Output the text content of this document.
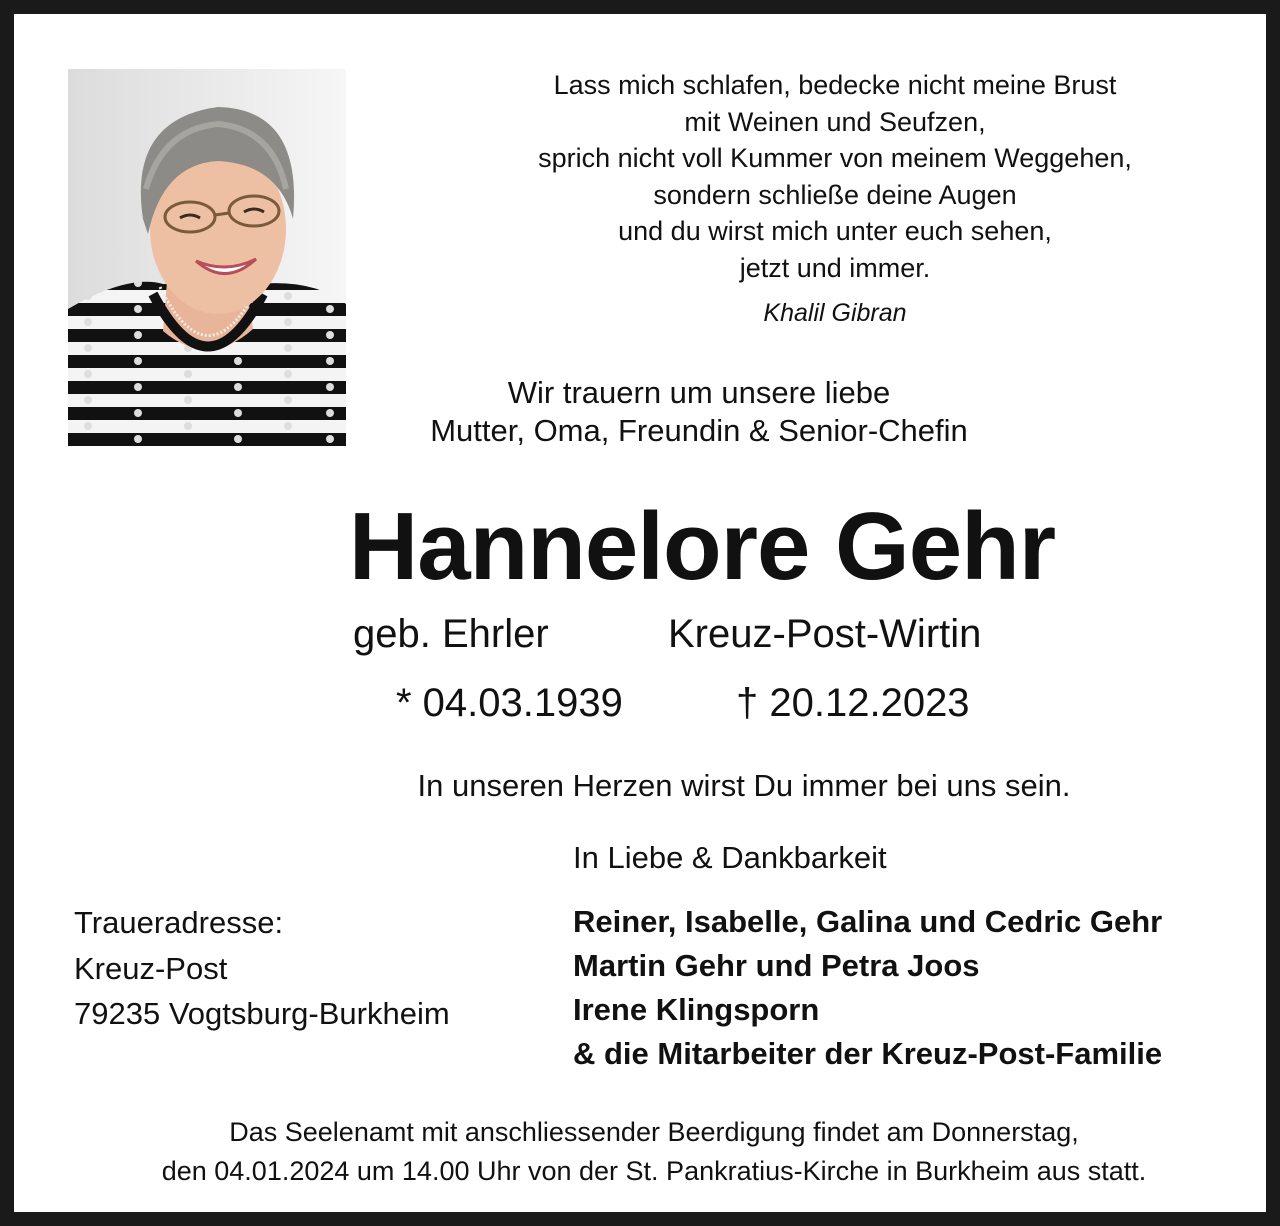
Lass mich schlafen, bedecke nicht meine Brust
mit Weinen und Seufzen,
sprich nicht voll Kummer von meinem Weggehen,
sondern schließe deine Augen
und du wirst mich unter euch sehen,
jetzt und immer.
Khalil Gibran
Wir trauern um unsere liebe
Mutter, Oma, Freundin & Senior-Chefin
Hannelore Gehr
geb. Ehrler	Kreuz-Post-Wirtin
* 04.03.1939	† 20.12.2023
In unseren Herzen wirst Du immer bei uns sein.
In Liebe & Dankbarkeit
Traueradresse:
Kreuz-Post
79235 Vogtsburg-Burkheim
Reiner, Isabelle, Galina und Cedric Gehr
Martin Gehr und Petra Joos
Irene Klingsporn
& die Mitarbeiter der Kreuz-Post-Familie
Das Seelenamt mit anschliessender Beerdigung findet am Donnerstag,
den 04.01.2024 um 14.00 Uhr von der St. Pankratius-Kirche in Burkheim aus statt.
